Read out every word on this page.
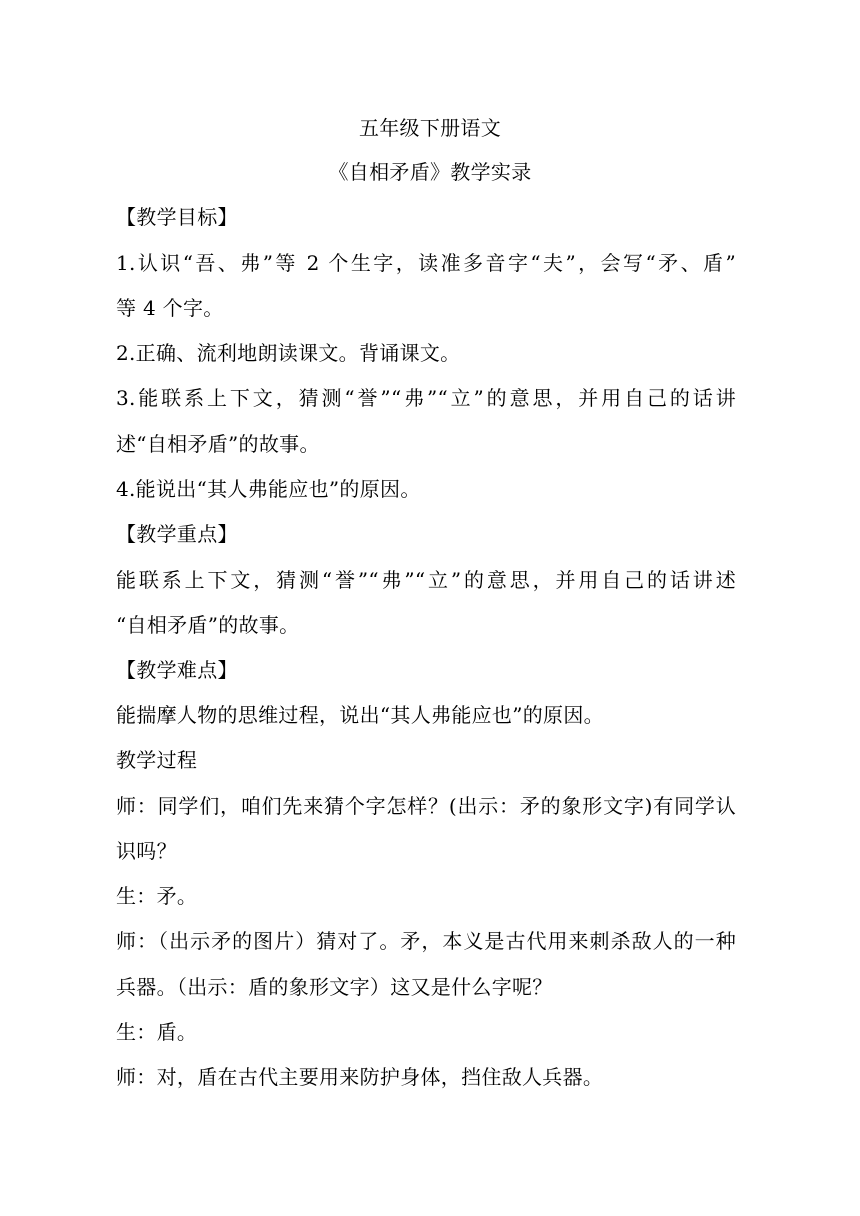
五年级下册语文
《自相矛盾》教学实录
【教学目标】
1.认识“吾、弗”等 2 个生字，读准多音字“夫”，会写“矛、盾”
等 4 个字。
2.正确、流利地朗读课文。背诵课文。
3.能联系上下文，猜测“誉”“弗”“立”的意思，并用自己的话讲
述“自相矛盾”的故事。
4.能说出“其人弗能应也”的原因。
【教学重点】
能联系上下文，猜测“誉”“弗”“立”的意思，并用自己的话讲述
“自相矛盾”的故事。
【教学难点】
能揣摩人物的思维过程，说出“其人弗能应也”的原因。
教学过程
师：同学们，咱们先来猜个字怎样？(出示：矛的象形文字)有同学认
识吗？
生：矛。
师：（出示矛的图片）猜对了。矛，本义是古代用来刺杀敌人的一种
兵器。（出示：盾的象形文字）这又是什么字呢？
生：盾。
师：对，盾在古代主要用来防护身体，挡住敌人兵器。
